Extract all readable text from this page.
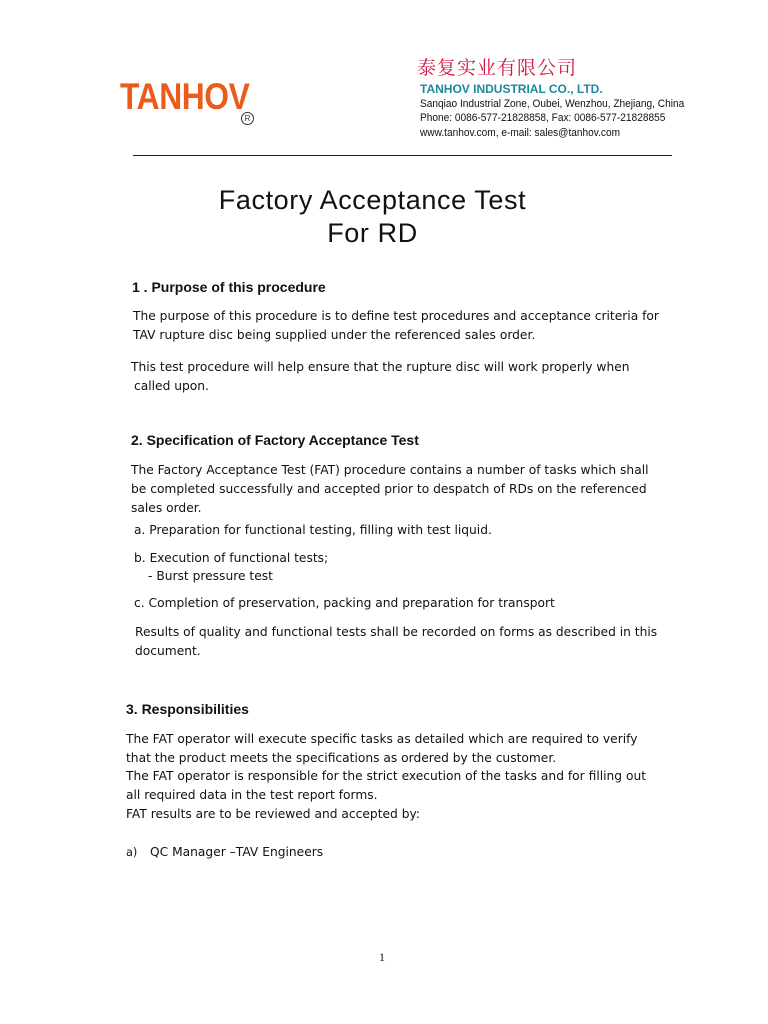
TANHOV
R
泰复实业有限公司
TANHOV INDUSTRIAL CO., LTD.
Sanqiao Industrial Zone, Oubei, Wenzhou, Zhejiang, China
Phone: 0086-577-21828858, Fax: 0086-577-21828855
www.tanhov.com, e-mail: sales@tanhov.com
Factory Acceptance Test
For RD
1 . Purpose of this procedure
The purpose of this procedure is to define test procedures and acceptance criteria for
TAV rupture disc being supplied under the referenced sales order.
This test procedure will help ensure that the rupture disc will work properly when
called upon.
2. Specification of Factory Acceptance Test
The Factory Acceptance Test (FAT) procedure contains a number of tasks which shall
be completed successfully and accepted prior to despatch of RDs on the referenced
sales order.
a. Preparation for functional testing, filling with test liquid.
b. Execution of functional tests;
- Burst pressure test
c. Completion of preservation, packing and preparation for transport
Results of quality and functional tests shall be recorded on forms as described in this
document.
3. Responsibilities
The FAT operator will execute specific tasks as detailed which are required to verify
that the product meets the specifications as ordered by the customer.
The FAT operator is responsible for the strict execution of the tasks and for filling out
all required data in the test report forms.
FAT results are to be reviewed and accepted by:
a) QC Manager –TAV Engineers
1
